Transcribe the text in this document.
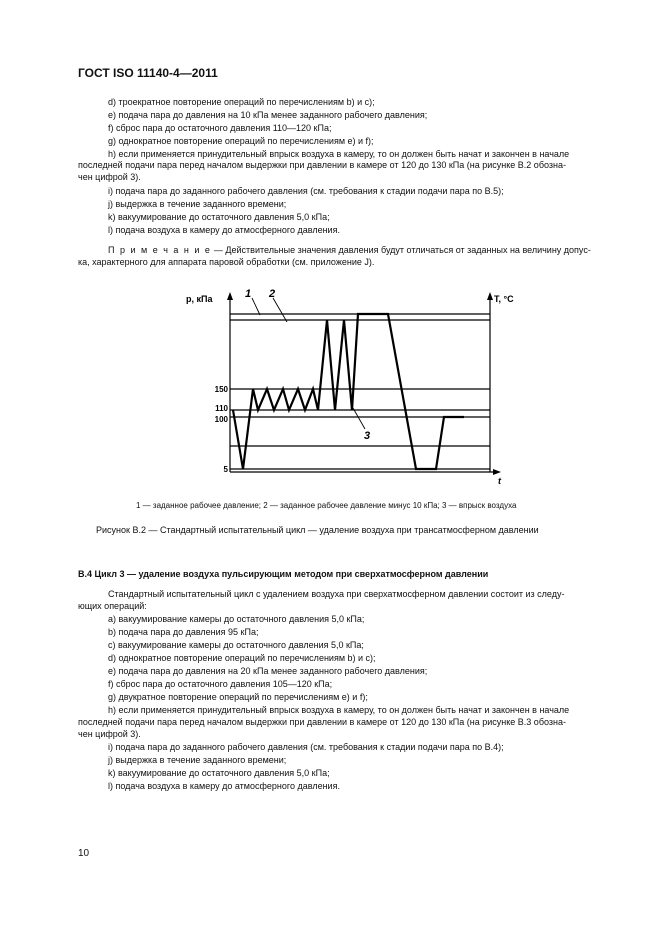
ГОСТ ISO 11140-4—2011
d) троекратное повторение операций по перечислениям b) и с);
е) подача пара до давления на 10 кПа менее заданного рабочего давления;
f) сброс пара до остаточного давления 110—120 кПа;
g) однократное повторение операций по перечислениям е) и f);
h) если применяется принудительный впрыск воздуха в камеру, то он должен быть начат и закончен в начале
последней подачи пара перед началом выдержки при давлении в камере от 120 до 130 кПа (на рисунке В.2 обозна-
чен цифрой 3).
i) подача пара до заданного рабочего давления (см. требования к стадии подачи пара по В.5);
j) выдержка в течение заданного времени;
k) вакуумирование до остаточного давления 5,0 кПа;
l) подача воздуха в камеру до атмосферного давления.
П р и м е ч а н и е — Действительные значения давления будут отличаться от заданных на величину допус-
ка, характерного для аппарата паровой обработки (см. приложение J).
p, кПа	T, °C
t
150
110
100
5
1 2
3
1 — заданное рабочее давление; 2 — заданное рабочее давление минус 10 кПа; 3 — впрыск воздуха
Рисунок В.2 — Стандартный испытательный цикл — удаление воздуха при трансатмосферном давлении
В.4 Цикл 3 — удаление воздуха пульсирующим методом при сверхатмосферном давлении
Стандартный испытательный цикл с удалением воздуха при сверхатмосферном давлении состоит из следу-
ющих операций:
а) вакуумирование камеры до остаточного давления 5,0 кПа;
b) подача пара до давления 95 кПа;
с) вакуумирование камеры до остаточного давления 5,0 кПа;
d) однократное повторение операций по перечислениям b) и с);
е) подача пара до давления на 20 кПа менее заданного рабочего давления;
f) сброс пара до остаточного давления 105—120 кПа;
g) двукратное повторение операций по перечислениям е) и f);
h) если применяется принудительный впрыск воздуха в камеру, то он должен быть начат и закончен в начале
последней подачи пара перед началом выдержки при давлении в камере от 120 до 130 кПа (на рисунке В.3 обозна-
чен цифрой 3).
i) подача пара до заданного рабочего давления (см. требования к стадии подачи пара по В.4);
j) выдержка в течение заданного времени;
k) вакуумирование до остаточного давления 5,0 кПа;
l) подача воздуха в камеру до атмосферного давления.
10
